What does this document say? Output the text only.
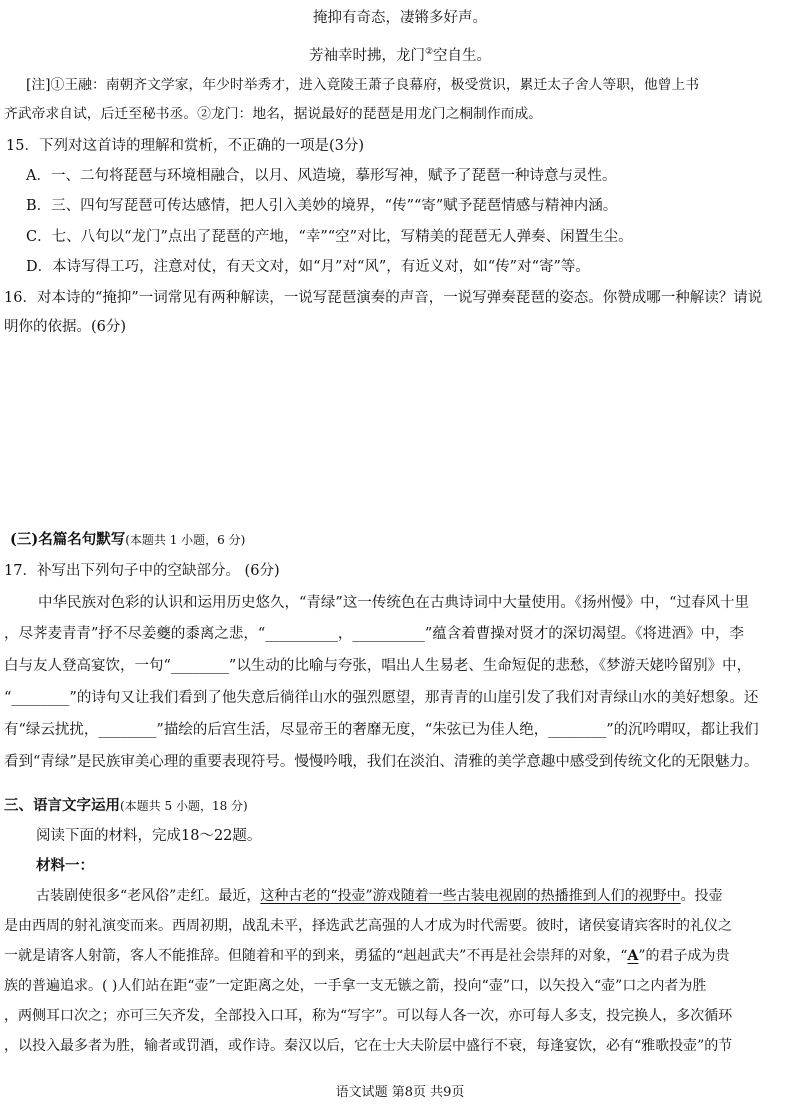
掩抑有奇态，凄锵多好声。
芳袖幸时拂，龙门②空自生。
[注]①王融：南朝齐文学家，年少时举秀才，进入竟陵王萧子良幕府，极受赏识，累迁太子舍人等职，他曾上书
齐武帝求自试，后迁至秘书丞。②龙门：地名，据说最好的琵琶是用龙门之桐制作而成。
15．下列对这首诗的理解和赏析，不正确的一项是(3分)
A．一、二句将琵琶与环境相融合，以月、风造境，摹形写神，赋予了琵琶一种诗意与灵性。
B．三、四句写琵琶可传达感情，把人引入美妙的境界，“传”“寄”赋予琵琶情感与精神内涵。
C．七、八句以“龙门”点出了琵琶的产地，“幸”“空”对比，写精美的琵琶无人弹奏、闲置生尘。
D．本诗写得工巧，注意对仗，有天文对，如“月”对“风”，有近义对，如“传”对“寄”等。
16．对本诗的“掩抑”一词常见有两种解读，一说写琵琶演奏的声音，一说写弹奏琵琶的姿态。你赞成哪一种解读？请说
明你的依据。(6分)
(三)名篇名句默写(本题共 1 小题，6 分)
17．补写出下列句子中的空缺部分。 (6分)
中华民族对色彩的认识和运用历史悠久，“青绿”这一传统色在古典诗词中大量使用。《扬州慢》中，“过春风十里
，尽荠麦青青”抒不尽姜夔的黍离之悲，“__________，__________”蕴含着曹操对贤才的深切渴望。《将进酒》中，李
白与友人登高宴饮，一句“________”以生动的比喻与夸张，唱出人生易老、生命短促的悲愁，《梦游天姥吟留别》中，
“________”的诗句又让我们看到了他失意后徜徉山水的强烈愿望，那青青的山崖引发了我们对青绿山水的美好想象。还
有“绿云扰扰，________”描绘的后宫生活，尽显帝王的奢靡无度，“朱弦已为佳人绝，________”的沉吟喟叹，都让我们
看到“青绿”是民族审美心理的重要表现符号。慢慢吟哦，我们在淡泊、清雅的美学意趣中感受到传统文化的无限魅力。
三、语言文字运用(本题共 5 小题，18 分)
阅读下面的材料，完成18～22题。
材料一：
古装剧使很多“老风俗”走红。最近，这种古老的“投壶”游戏随着一些古装电视剧的热播推到人们的视野中。投壶
是由西周的射礼演变而来。西周初期，战乱未平，择选武艺高强的人才成为时代需要。彼时，诸侯宴请宾客时的礼仪之
一就是请客人射箭，客人不能推辞。但随着和平的到来，勇猛的“赳赳武夫”不再是社会崇拜的对象，“A”的君子成为贵
族的普遍追求。( )人们站在距“壶”一定距离之处，一手拿一支无镞之箭，投向“壶”口，以矢投入“壶”口之内者为胜
，两侧耳口次之；亦可三矢齐发，全部投入口耳，称为“写字”。可以每人各一次，亦可每人多支，投完换人，多次循环
，以投入最多者为胜，输者或罚酒，或作诗。秦汉以后，它在士大夫阶层中盛行不衰，每逢宴饮，必有“雅歌投壶”的节
语文试题 第8页 共9页
